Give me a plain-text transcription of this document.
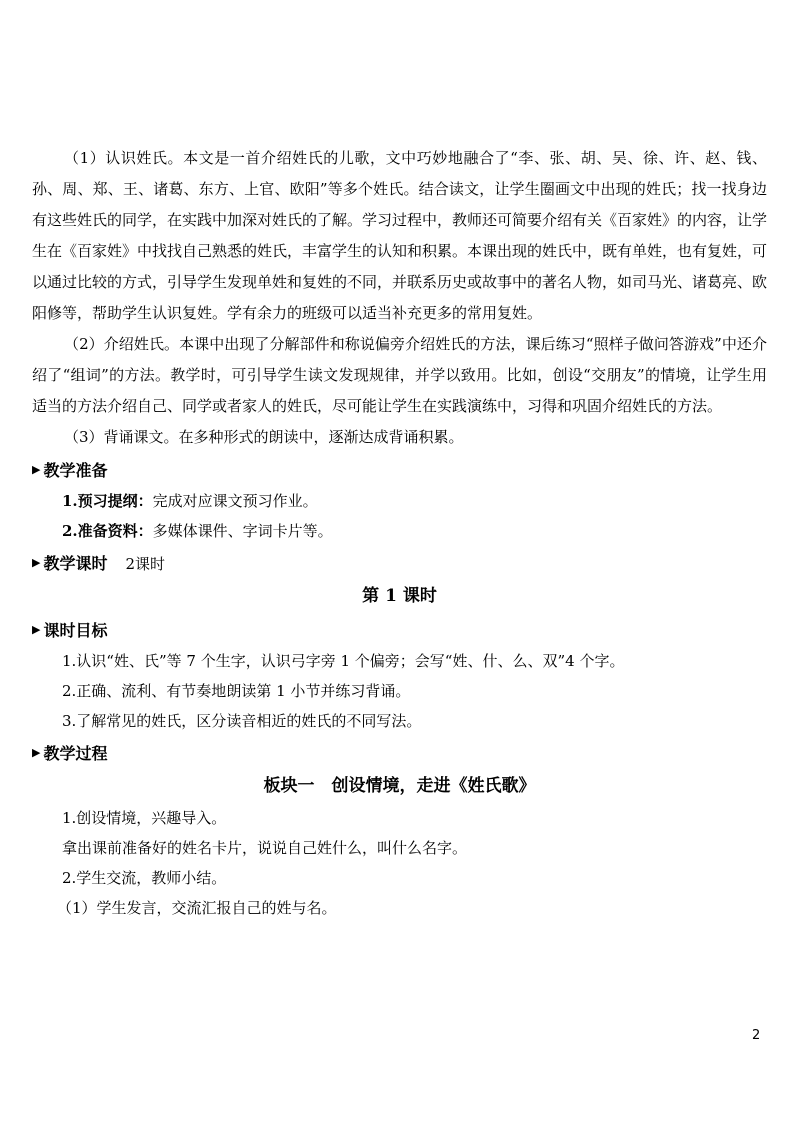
（1）认识姓氏。本文是一首介绍姓氏的儿歌，文中巧妙地融合了“李、张、胡、吴、徐、许、赵、钱、孙、周、郑、王、诸葛、东方、上官、欧阳”等多个姓氏。结合读文，让学生圈画文中出现的姓氏；找一找身边有这些姓氏的同学，在实践中加深对姓氏的了解。学习过程中，教师还可简要介绍有关《百家姓》的内容，让学生在《百家姓》中找找自己熟悉的姓氏，丰富学生的认知和积累。本课出现的姓氏中，既有单姓，也有复姓，可以通过比较的方式，引导学生发现单姓和复姓的不同，并联系历史或故事中的著名人物，如司马光、诸葛亮、欧阳修等，帮助学生认识复姓。学有余力的班级可以适当补充更多的常用复姓。

（2）介绍姓氏。本课中出现了分解部件和称说偏旁介绍姓氏的方法，课后练习“照样子做问答游戏”中还介绍了“组词”的方法。教学时，可引导学生读文发现规律，并学以致用。比如，创设“交朋友”的情境，让学生用适当的方法介绍自己、同学或者家人的姓氏，尽可能让学生在实践演练中，习得和巩固介绍姓氏的方法。

（3）背诵课文。在多种形式的朗读中，逐渐达成背诵积累。

▶ 教学准备

1.预习提纲：完成对应课文预习作业。

2.准备资料：多媒体课件、字词卡片等。

▶ 教学课时 2课时

第 1 课时

▶ 课时目标

1.认识“姓、氏”等 7 个生字，认识弓字旁 1 个偏旁；会写“姓、什、么、双”4 个字。

2.正确、流利、有节奏地朗读第 1 小节并练习背诵。

3.了解常见的姓氏，区分读音相近的姓氏的不同写法。

▶ 教学过程

板块一　创设情境，走进《姓氏歌》

1.创设情境，兴趣导入。

拿出课前准备好的姓名卡片，说说自己姓什么，叫什么名字。

2.学生交流，教师小结。

（1）学生发言，交流汇报自己的姓与名。

2
